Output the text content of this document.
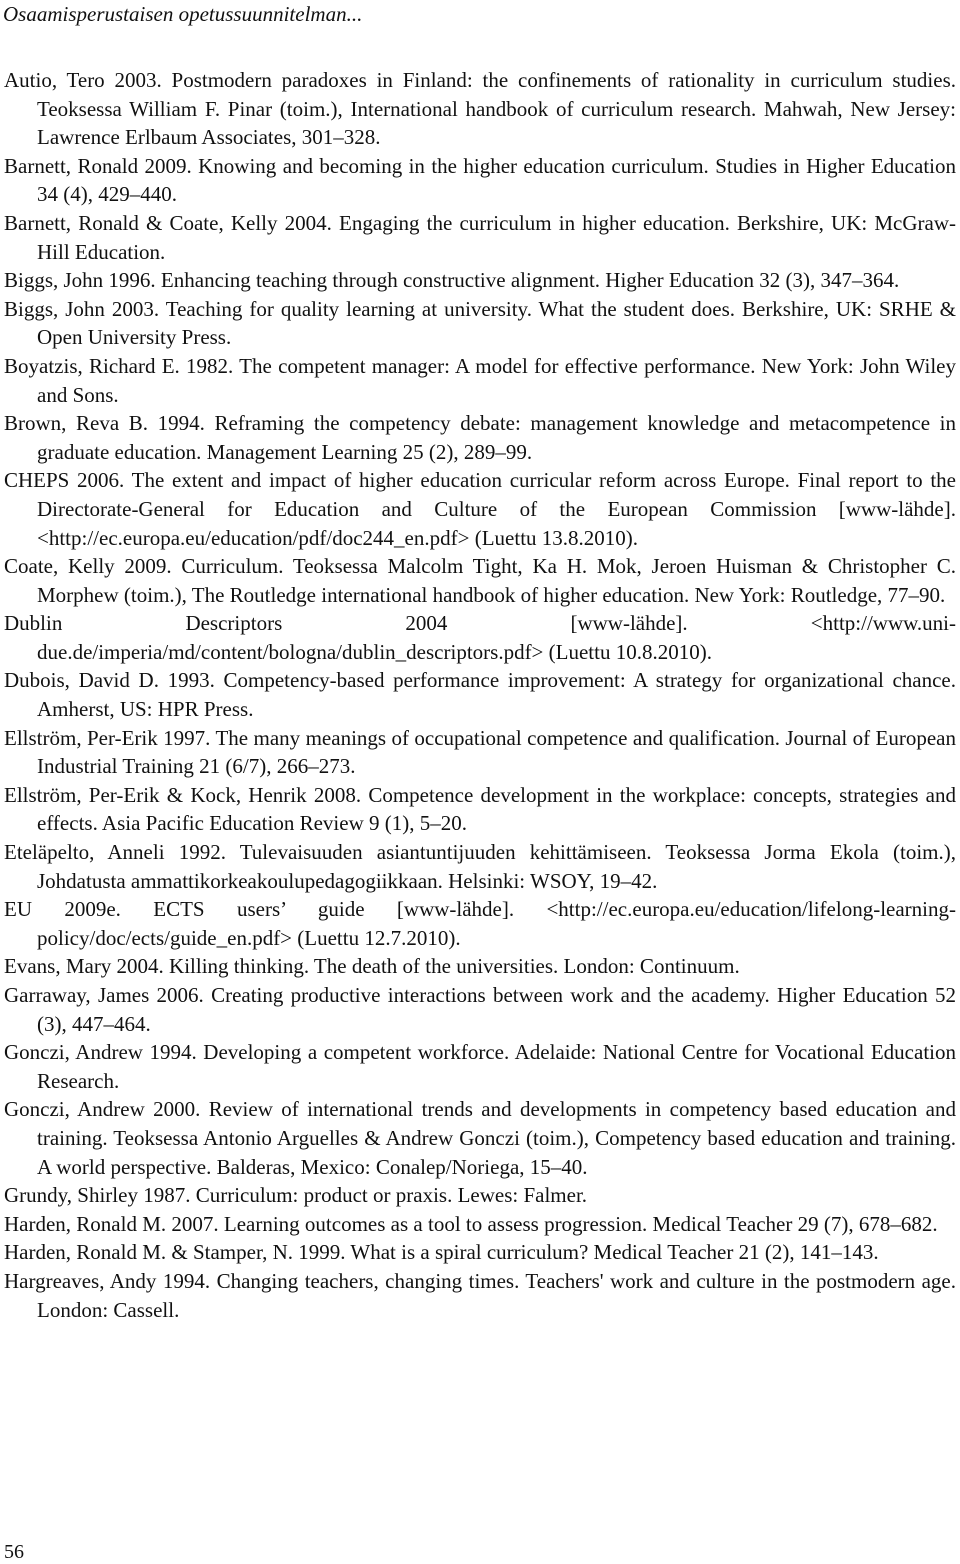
Osaamisperustaisen opetussuunnitelman...
Autio, Tero 2003. Postmodern paradoxes in Finland: the confinements of rationality in curriculum studies. Teoksessa William F. Pinar (toim.), International handbook of curriculum research. Mahwah, New Jersey: Lawrence Erlbaum Associates, 301–328.
Barnett, Ronald 2009. Knowing and becoming in the higher education curriculum. Studies in Higher Education 34 (4), 429–440.
Barnett, Ronald & Coate, Kelly 2004. Engaging the curriculum in higher education. Berkshire, UK: McGraw-Hill Education.
Biggs, John 1996. Enhancing teaching through constructive alignment. Higher Education 32 (3), 347–364.
Biggs, John 2003. Teaching for quality learning at university. What the student does. Berkshire, UK: SRHE & Open University Press.
Boyatzis, Richard E. 1982. The competent manager: A model for effective performance. New York: John Wiley and Sons.
Brown, Reva B. 1994. Reframing the competency debate: management knowledge and metacompetence in graduate education. Management Learning 25 (2), 289–99.
CHEPS 2006. The extent and impact of higher education curricular reform across Europe. Final report to the Directorate-General for Education and Culture of the European Commission [www-lähde]. <http://ec.europa.eu/education/pdf/doc244_en.pdf> (Luettu 13.8.2010).
Coate, Kelly 2009. Curriculum. Teoksessa Malcolm Tight, Ka H. Mok, Jeroen Huisman & Christopher C. Morphew (toim.), The Routledge international handbook of higher education. New York: Routledge, 77–90.
Dublin Descriptors 2004 [www-lähde]. <http://www.uni-due.de/imperia/md/content/bologna/dublin_descriptors.pdf> (Luettu 10.8.2010).
Dubois, David D. 1993. Competency-based performance improvement: A strategy for organizational chance. Amherst, US: HPR Press.
Ellström, Per-Erik 1997. The many meanings of occupational competence and qualification. Journal of European Industrial Training 21 (6/7), 266–273.
Ellström, Per-Erik & Kock, Henrik 2008. Competence development in the workplace: concepts, strategies and effects. Asia Pacific Education Review 9 (1), 5–20.
Eteläpelto, Anneli 1992. Tulevaisuuden asiantuntijuuden kehittämiseen. Teoksessa Jorma Ekola (toim.), Johdatusta ammattikorkeakoulupedagogiikkaan. Helsinki: WSOY, 19–42.
EU 2009e. ECTS users’ guide [www-lähde]. <http://ec.europa.eu/education/lifelong-learning-policy/doc/ects/guide_en.pdf> (Luettu 12.7.2010).
Evans, Mary 2004. Killing thinking. The death of the universities. London: Continuum.
Garraway, James 2006. Creating productive interactions between work and the academy. Higher Education 52 (3), 447–464.
Gonczi, Andrew 1994. Developing a competent workforce. Adelaide: National Centre for Vocational Education Research.
Gonczi, Andrew 2000. Review of international trends and developments in competency based education and training. Teoksessa Antonio Arguelles & Andrew Gonczi (toim.), Competency based education and training. A world perspective. Balderas, Mexico: Conalep/Noriega, 15–40.
Grundy, Shirley 1987. Curriculum: product or praxis. Lewes: Falmer.
Harden, Ronald M. 2007. Learning outcomes as a tool to assess progression. Medical Teacher 29 (7), 678–682.
Harden, Ronald M. & Stamper, N. 1999. What is a spiral curriculum? Medical Teacher 21 (2), 141–143.
Hargreaves, Andy 1994. Changing teachers, changing times. Teachers' work and culture in the postmodern age. London: Cassell.
56
